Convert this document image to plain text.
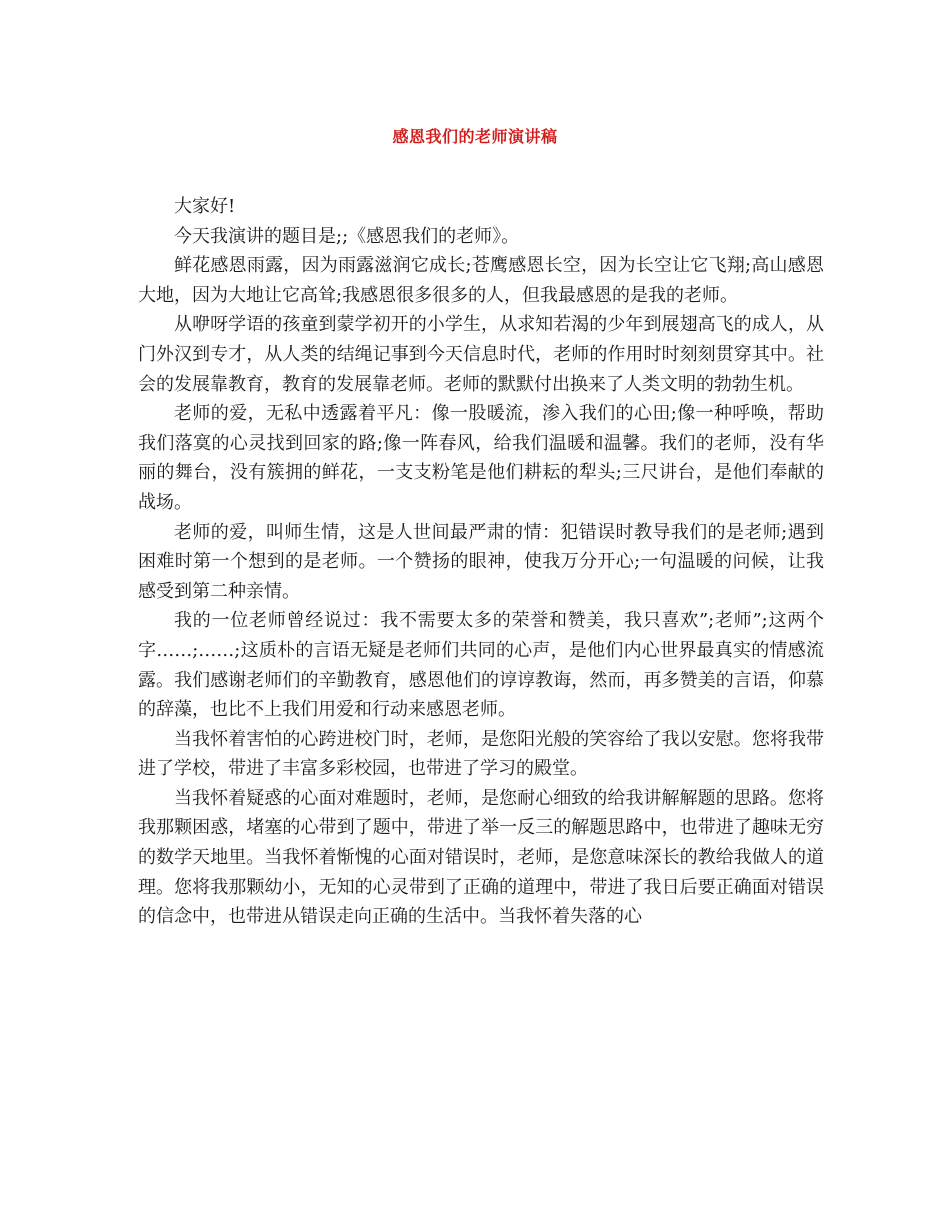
感恩我们的老师演讲稿

大家好!

今天我演讲的题目是;;《感恩我们的老师》。

鲜花感恩雨露，因为雨露滋润它成长;苍鹰感恩长空，因为长空让它飞翔;高山感恩大地，因为大地让它高耸;我感恩很多很多的人，但我最感恩的是我的老师。

从咿呀学语的孩童到蒙学初开的小学生，从求知若渴的少年到展翅高飞的成人，从门外汉到专才，从人类的结绳记事到今天信息时代，老师的作用时时刻刻贯穿其中。社会的发展靠教育，教育的发展靠老师。老师的默默付出换来了人类文明的勃勃生机。

老师的爱，无私中透露着平凡：像一股暖流，渗入我们的心田;像一种呼唤，帮助我们落寞的心灵找到回家的路;像一阵春风，给我们温暖和温馨。我们的老师，没有华丽的舞台，没有簇拥的鲜花，一支支粉笔是他们耕耘的犁头;三尺讲台，是他们奉献的战场。

老师的爱，叫师生情，这是人世间最严肃的情：犯错误时教导我们的是老师;遇到困难时第一个想到的是老师。一个赞扬的眼神，使我万分开心;一句温暖的问候，让我感受到第二种亲情。

我的一位老师曾经说过：我不需要太多的荣誉和赞美，我只喜欢”;老师”;这两个字……;……;这质朴的言语无疑是老师们共同的心声，是他们内心世界最真实的情感流露。我们感谢老师们的辛勤教育，感恩他们的谆谆教诲，然而，再多赞美的言语，仰慕的辞藻，也比不上我们用爱和行动来感恩老师。

当我怀着害怕的心跨进校门时，老师，是您阳光般的笑容给了我以安慰。您将我带进了学校，带进了丰富多彩校园，也带进了学习的殿堂。

当我怀着疑惑的心面对难题时，老师，是您耐心细致的给我讲解解题的思路。您将我那颗困惑，堵塞的心带到了题中，带进了举一反三的解题思路中，也带进了趣味无穷的数学天地里。当我怀着惭愧的心面对错误时，老师，是您意味深长的教给我做人的道理。您将我那颗幼小，无知的心灵带到了正确的道理中，带进了我日后要正确面对错误的信念中，也带进从错误走向正确的生活中。当我怀着失落的心
